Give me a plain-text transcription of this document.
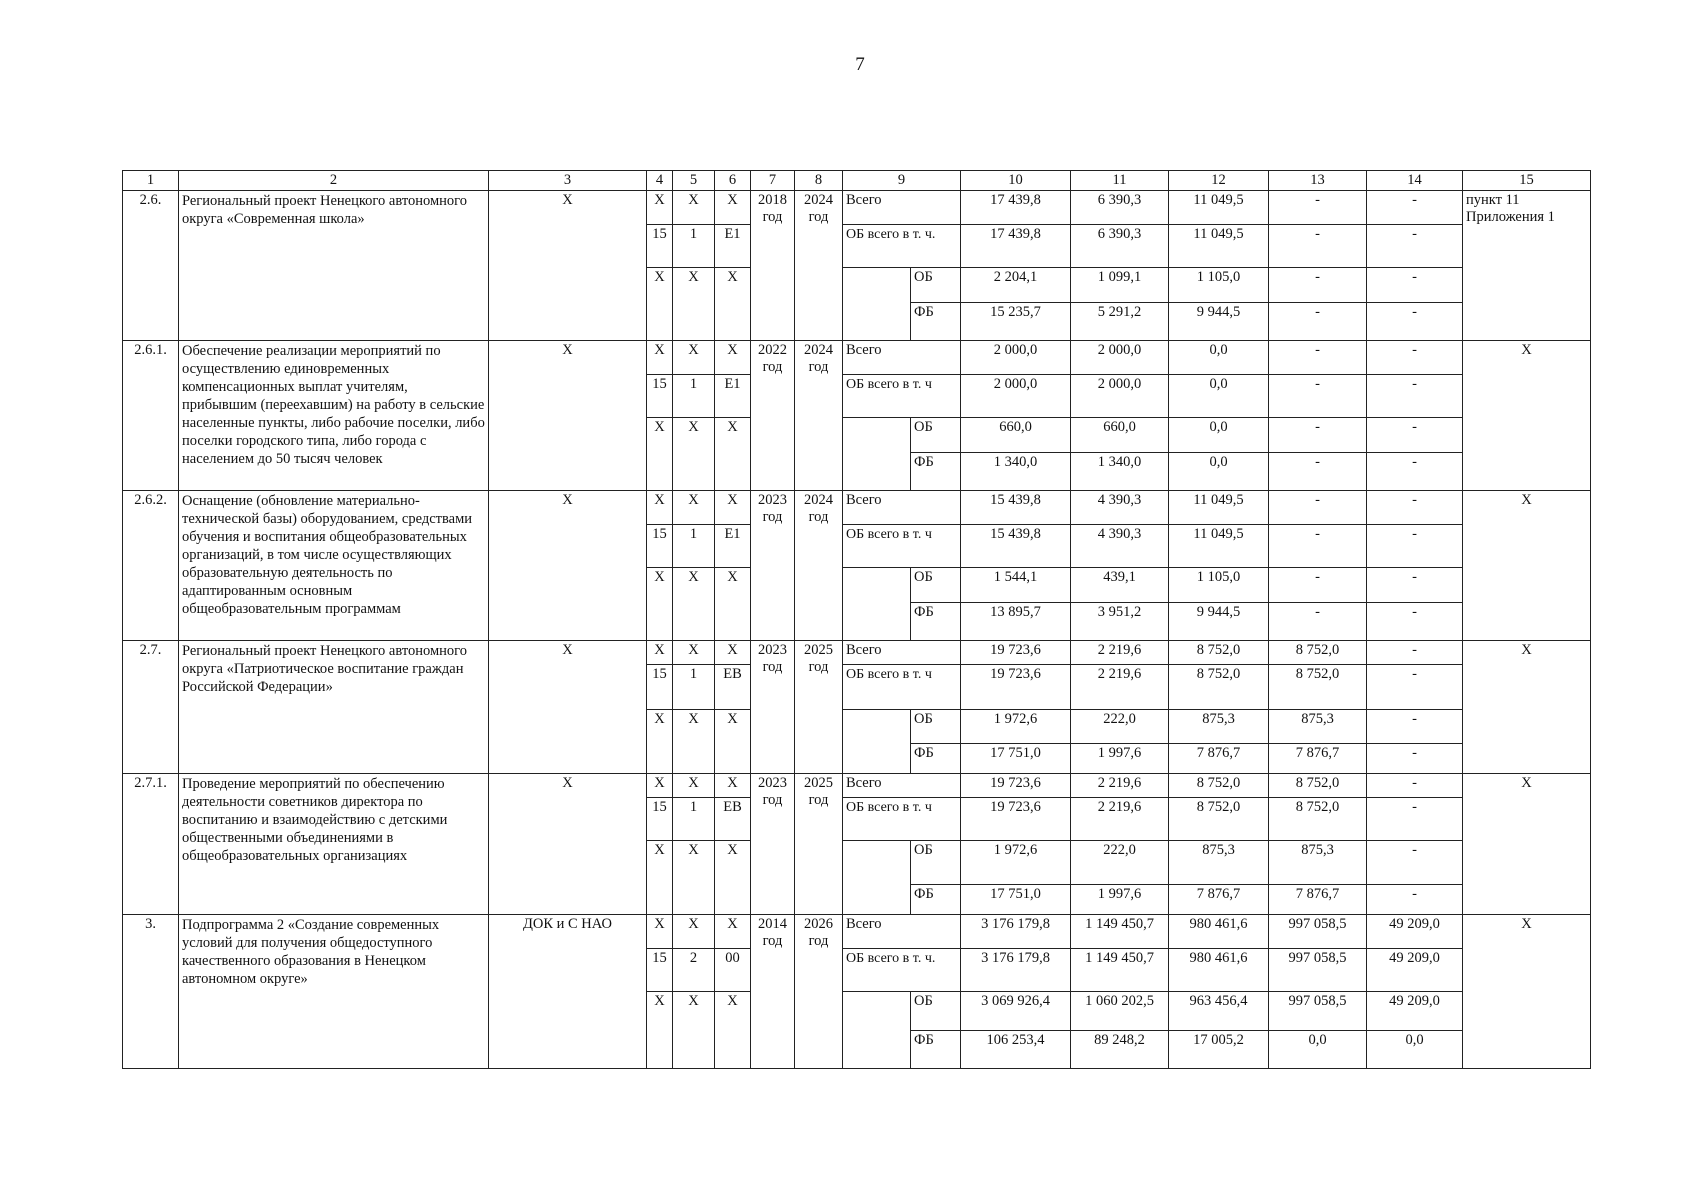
7
1	2	3	4	5	6	7	8	9		10	11	12	13	14	15
2.6.	Региональный проект Ненецкого автономного округа «Современная школа»	Х	Х	Х	Х	2018 год	2024 год	Всего		17 439,8	6 390,3	11 049,5	-	-	пункт 11 Приложения 1
			15	1	Е1			ОБ всего в т. ч.		17 439,8	6 390,3	11 049,5	-	-	
			Х	Х	Х				ОБ	2 204,1	1 099,1	1 105,0	-	-	
									ФБ	15 235,7	5 291,2	9 944,5	-	-	
2.6.1.	Обеспечение реализации мероприятий по осуществлению единовременных компенсационных выплат учителям, прибывшим (переехавшим) на работу в сельские населенные пункты, либо рабочие поселки, либо поселки городского типа, либо города с населением до 50 тысяч человек	Х	Х	Х	Х	2022 год	2024 год	Всего		2 000,0	2 000,0	0,0	-	-	Х
			15	1	Е1			ОБ всего в т. ч		2 000,0	2 000,0	0,0	-	-	
			Х	Х	Х				ОБ	660,0	660,0	0,0	-	-	
									ФБ	1 340,0	1 340,0	0,0	-	-	
2.6.2.	Оснащение (обновление материально-технической базы) оборудованием, средствами обучения и воспитания общеобразовательных организаций, в том числе осуществляющих образовательную деятельность по адаптированным основным общеобразовательным программам	Х	Х	Х	Х	2023 год	2024 год	Всего		15 439,8	4 390,3	11 049,5	-	-	Х
			15	1	Е1			ОБ всего в т. ч		15 439,8	4 390,3	11 049,5	-	-	
			Х	Х	Х				ОБ	1 544,1	439,1	1 105,0	-	-	
									ФБ	13 895,7	3 951,2	9 944,5	-	-	
2.7.	Региональный проект Ненецкого автономного округа «Патриотическое воспитание граждан Российской Федерации»	Х	Х	Х	Х	2023 год	2025 год	Всего		19 723,6	2 219,6	8 752,0	8 752,0	-	Х
			15	1	ЕВ			ОБ всего в т. ч		19 723,6	2 219,6	8 752,0	8 752,0	-	
			Х	Х	Х				ОБ	1 972,6	222,0	875,3	875,3	-	
									ФБ	17 751,0	1 997,6	7 876,7	7 876,7	-	
2.7.1.	Проведение мероприятий по обеспечению деятельности советников директора по воспитанию и взаимодействию с детскими общественными объединениями в общеобразовательных организациях	Х	Х	Х	Х	2023 год	2025 год	Всего		19 723,6	2 219,6	8 752,0	8 752,0	-	Х
			15	1	ЕВ			ОБ всего в т. ч		19 723,6	2 219,6	8 752,0	8 752,0	-	
			Х	Х	Х				ОБ	1 972,6	222,0	875,3	875,3	-	
									ФБ	17 751,0	1 997,6	7 876,7	7 876,7	-	
3.	Подпрограмма 2 «Создание современных условий для получения общедоступного качественного образования в Ненецком автономном округе»	ДОК и С НАО	Х	Х	Х	2014 год	2026 год	Всего		3 176 179,8	1 149 450,7	980 461,6	997 058,5	49 209,0	Х
			15	2	00			ОБ всего в т. ч.		3 176 179,8	1 149 450,7	980 461,6	997 058,5	49 209,0	
			Х	Х	Х				ОБ	3 069 926,4	1 060 202,5	963 456,4	997 058,5	49 209,0	
									ФБ	106 253,4	89 248,2	17 005,2	0,0	0,0	
